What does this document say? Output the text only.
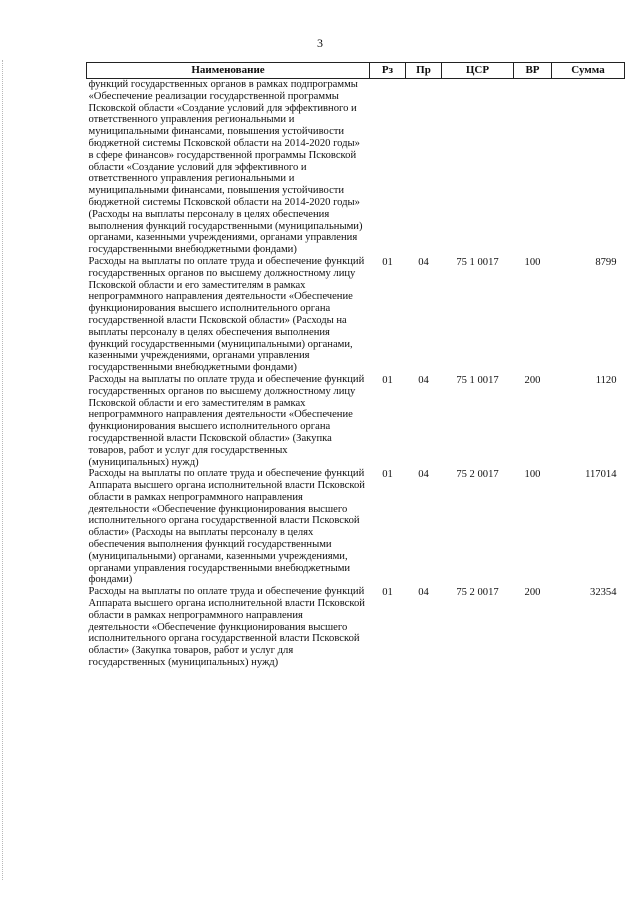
3
Наименование	Рз	Пр	ЦСР	ВР	Сумма
функций государственных органов в рамках подпрограммы «Обеспечение реализации государственной программы Псковской области «Создание условий для эффективного и ответственного управления региональными и муниципальными финансами, повышения устойчивости бюджетной системы Псковской области на 2014-2020 годы» в сфере финансов» государственной программы Псковской области «Создание условий для эффективного и ответственного управления региональными и муниципальными финансами, повышения устойчивости бюджетной системы Псковской области на 2014-2020 годы» (Расходы на выплаты персоналу в целях обеспечения выполнения функций государственными (муниципальными) органами, казенными учреждениями, органами управления государственными внебюджетными фондами)					
Расходы на выплаты по оплате труда и обеспечение функций государственных органов по высшему должностному лицу Псковской области и его заместителям в рамках непрограммного направления деятельности «Обеспечение функционирования высшего исполнительного органа государственной власти Псковской области» (Расходы на выплаты персоналу в целях обеспечения выполнения функций государственными (муниципальными) органами, казенными учреждениями, органами управления государственными внебюджетными фондами)	01	04	75 1 0017	100	8799
Расходы на выплаты по оплате труда и обеспечение функций государственных органов по высшему должностному лицу Псковской области и его заместителям в рамках непрограммного направления деятельности «Обеспечение функционирования высшего исполнительного органа государственной власти Псковской области» (Закупка товаров, работ и услуг для государственных (муниципальных) нужд)	01	04	75 1 0017	200	1120
Расходы на выплаты по оплате труда и обеспечение функций Аппарата высшего органа исполнительной власти Псковской области в рамках непрограммного направления деятельности «Обеспечение функционирования высшего исполнительного органа государственной власти Псковской области» (Расходы на выплаты персоналу в целях обеспечения выполнения функций государственными (муниципальными) органами, казенными учреждениями, органами управления государственными внебюджетными фондами)	01	04	75 2 0017	100	117014
Расходы на выплаты по оплате труда и обеспечение функций Аппарата высшего органа исполнительной власти Псковской области в рамках непрограммного направления деятельности «Обеспечение функционирования высшего исполнительного органа государственной власти Псковской области» (Закупка товаров, работ и услуг для государственных (муниципальных) нужд)	01	04	75 2 0017	200	32354
